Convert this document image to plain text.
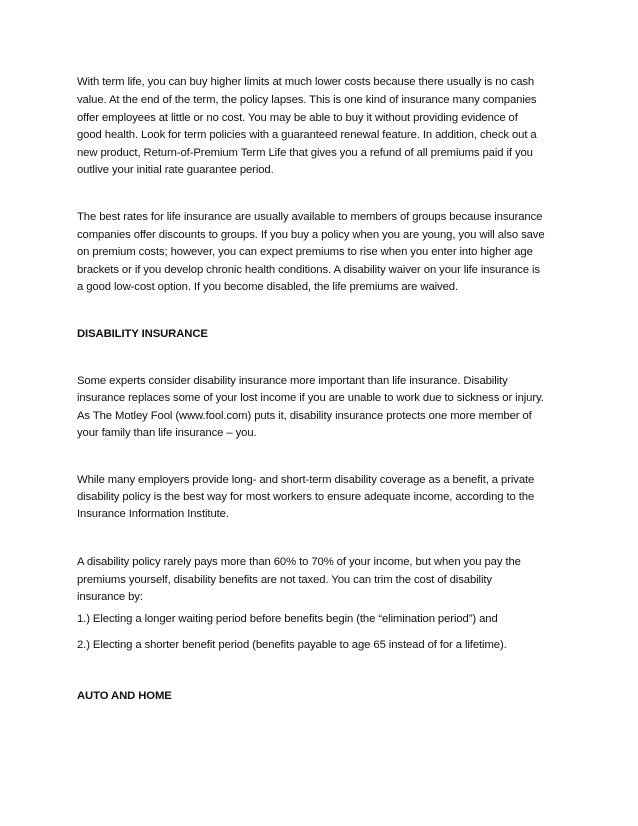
With term life, you can buy higher limits at much lower costs because there usually is no cash
value. At the end of the term, the policy lapses. This is one kind of insurance many companies
offer employees at little or no cost. You may be able to buy it without providing evidence of
good health. Look for term policies with a guaranteed renewal feature. In addition, check out a
new product, Return-of-Premium Term Life that gives you a refund of all premiums paid if you
outlive your initial rate guarantee period.
The best rates for life insurance are usually available to members of groups because insurance
companies offer discounts to groups. If you buy a policy when you are young, you will also save
on premium costs; however, you can expect premiums to rise when you enter into higher age
brackets or if you develop chronic health conditions. A disability waiver on your life insurance is
a good low-cost option. If you become disabled, the life premiums are waived.
DISABILITY INSURANCE
Some experts consider disability insurance more important than life insurance. Disability
insurance replaces some of your lost income if you are unable to work due to sickness or injury.
As The Motley Fool (www.fool.com) puts it, disability insurance protects one more member of
your family than life insurance – you.
While many employers provide long- and short-term disability coverage as a benefit, a private
disability policy is the best way for most workers to ensure adequate income, according to the
Insurance Information Institute.
A disability policy rarely pays more than 60% to 70% of your income, but when you pay the
premiums yourself, disability benefits are not taxed. You can trim the cost of disability
insurance by:
1.) Electing a longer waiting period before benefits begin (the “elimination period”) and
2.) Electing a shorter benefit period (benefits payable to age 65 instead of for a lifetime).
AUTO AND HOME
